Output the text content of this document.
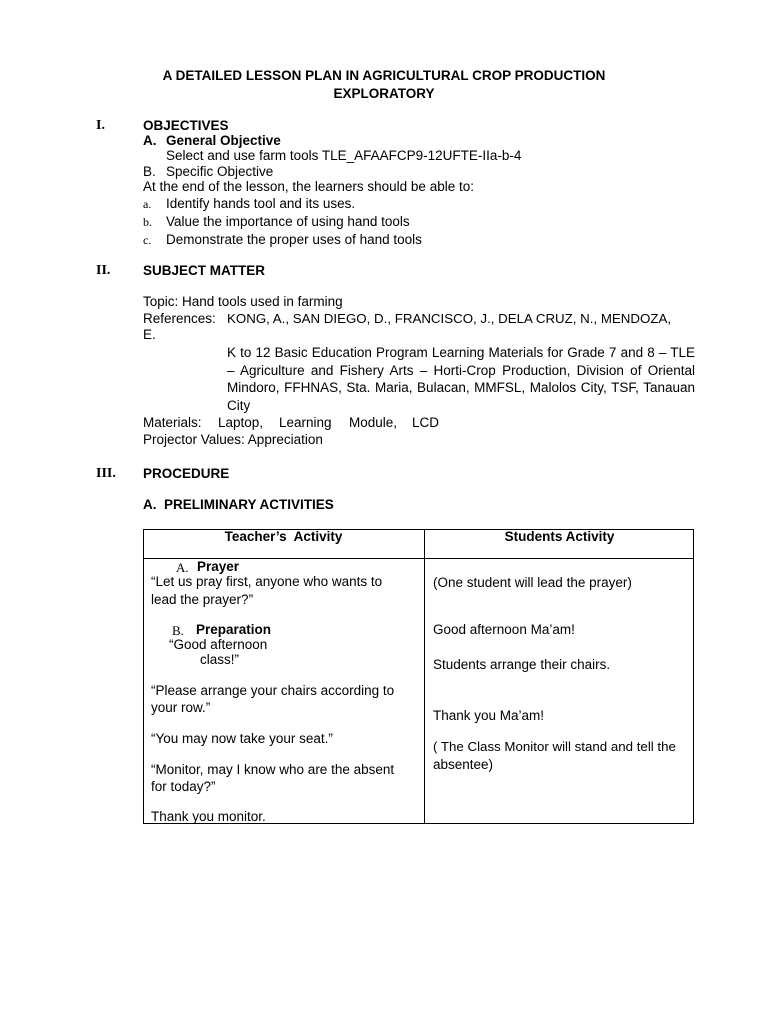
A DETAILED LESSON PLAN IN AGRICULTURAL CROP PRODUCTION
EXPLORATORY
I.	OBJECTIVES
A. General Objective
Select and use farm tools TLE_AFAAFCP9-12UFTE-IIa-b-4
B. Specific Objective
At the end of the lesson, the learners should be able to:
a. Identify hands tool and its uses.
b. Value the importance of using hand tools
c. Demonstrate the proper uses of hand tools
II. SUBJECT MATTER
Topic: Hand tools used in farming
References: KONG, A., SAN DIEGO, D., FRANCISCO, J., DELA CRUZ, N., MENDOZA,
E.
K to 12 Basic Education Program Learning Materials for Grade 7 and 8 – TLE – Agriculture and Fishery Arts – Horti-Crop Production, Division of Oriental Mindoro, FFHNAS, Sta. Maria, Bulacan, MMFSL, Malolos City, TSF, Tanauan City
Materials: Laptop, Learning Module, LCD
Projector Values: Appreciation
III. PROCEDURE
A.  PRELIMINARY ACTIVITIES
Teacher’s  Activity	Students Activity
A. Prayer
“Let us pray first, anyone who wants to
lead the prayer?”
B. Preparation
“Good afternoon
class!”
“Please arrange your chairs according to
your row.”
“You may now take your seat.”
“Monitor, may I know who are the absent
for today?”
Thank you monitor.
(One student will lead the prayer)
Good afternoon Ma’am!
Students arrange their chairs.
Thank you Ma’am!
( The Class Monitor will stand and tell the
absentee)
